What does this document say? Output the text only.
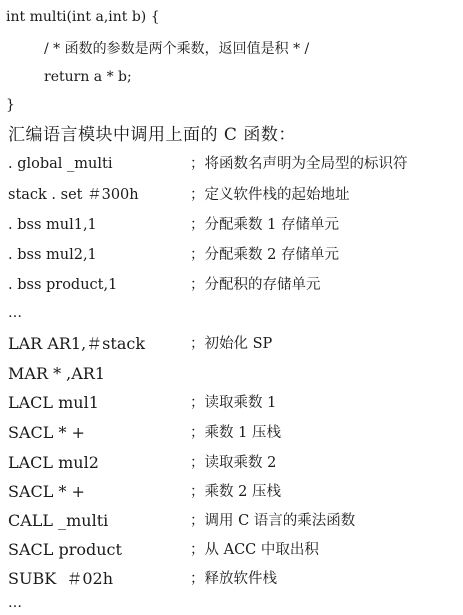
int multi(int a,int b) {
/ * 函数的参数是两个乘数，返回值是积 * /
return a * b;
}
汇编语言模块中调用上面的 C 函数：
. global _multi	；将函数名声明为全局型的标识符
stack . set ＃300h	；定义软件栈的起始地址
. bss mul1,1	；分配乘数 1 存储单元
. bss mul2,1	；分配乘数 2 存储单元
. bss product,1	；分配积的存储单元
…
LAR AR1,＃stack	；初始化 SP
MAR * ,AR1
LACL mul1	；读取乘数 1
SACL * +	；乘数 1 压栈
LACL mul2	；读取乘数 2
SACL * +	；乘数 2 压栈
CALL _multi	；调用 C 语言的乘法函数
SACL product	；从 ACC 中取出积
SUBK  ＃02h	；释放软件栈
…
